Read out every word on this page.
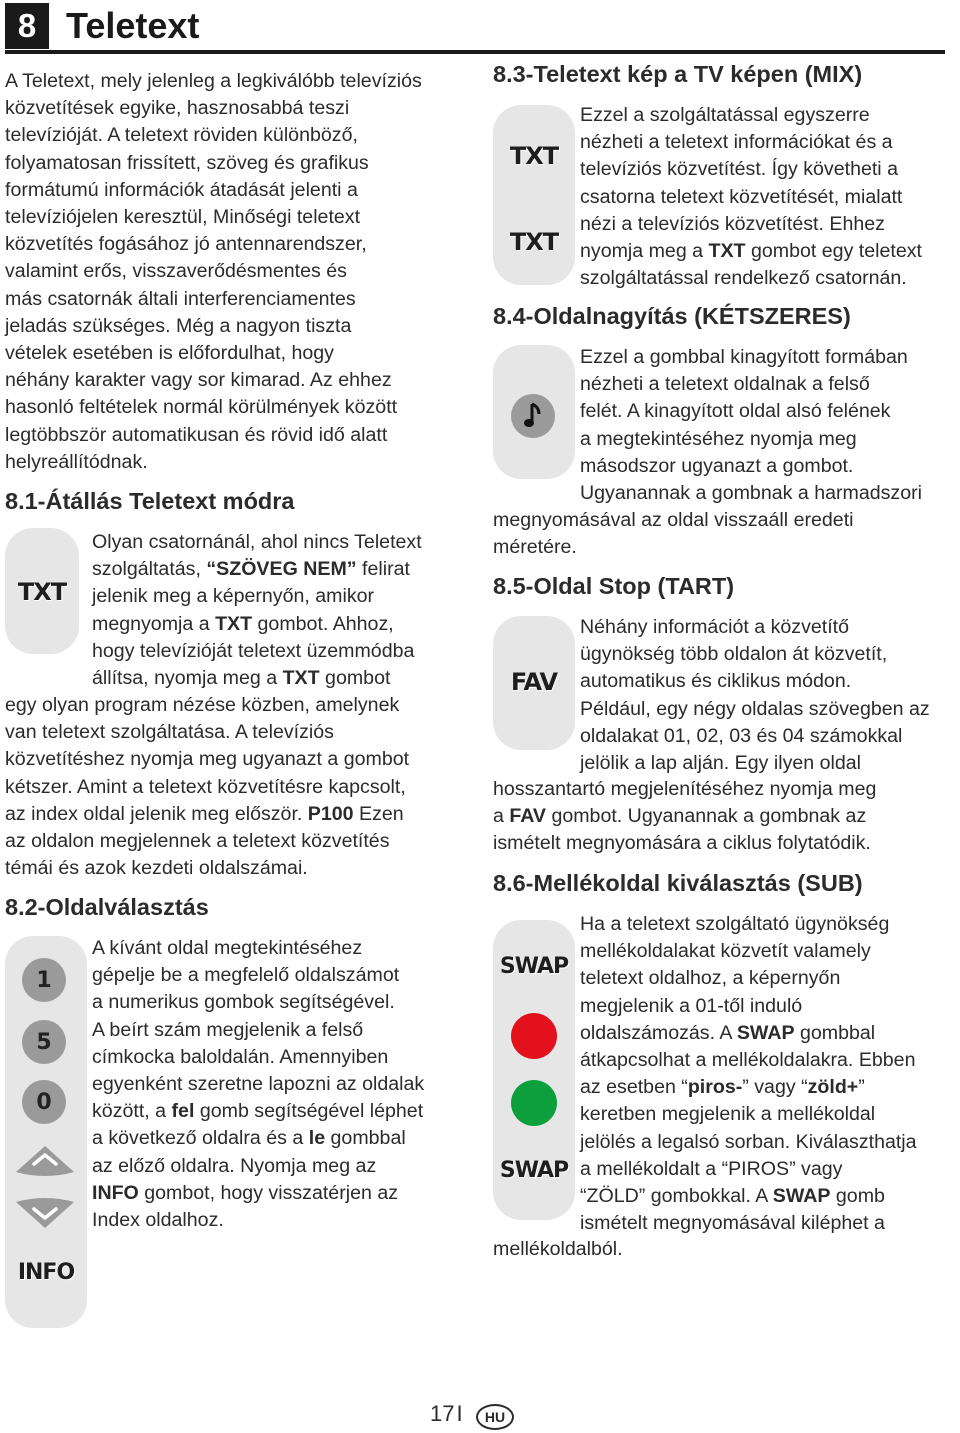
8 Teletext
A Teletext, mely jelenleg a legkiválóbb televíziós
közvetítések egyike, hasznosabbá teszi
televízióját. A teletext röviden különböző,
folyamatosan frissített, szöveg és grafikus
formátumú információk átadását jelenti a
televíziójelen keresztül, Minőségi teletext
közvetítés fogásához jó antennarendszer,
valamint erős, visszaverődésmentes és
más csatornák általi interferenciamentes
jeladás szükséges. Még a nagyon tiszta
vételek esetében is előfordulhat, hogy
néhány karakter vagy sor kimarad. Az ehhez
hasonló feltételek normál körülmények között
legtöbbször automatikusan és rövid idő alatt
helyreállítódnak.
8.1-Átállás Teletext módra
TXT
Olyan csatornánál, ahol nincs Teletext
szolgáltatás, “SZÖVEG NEM” felirat
jelenik meg a képernyőn, amikor
megnyomja a TXT gombot. Ahhoz,
hogy televízióját teletext üzemmódba
állítsa, nyomja meg a TXT gombot
egy olyan program nézése közben, amelynek
van teletext szolgáltatása. A televíziós
közvetítéshez nyomja meg ugyanazt a gombot
kétszer. Amint a teletext közvetítésre kapcsolt,
az index oldal jelenik meg először. P100 Ezen
az oldalon megjelennek a teletext közvetítés
témái és azok kezdeti oldalszámai.
8.2-Oldalválasztás
1
5
0
INFO
A kívánt oldal megtekintéséhez
gépelje be a megfelelő oldalszámot
a numerikus gombok segítségével.
A beírt szám megjelenik a felső
címkocka baloldalán. Amennyiben
egyenként szeretne lapozni az oldalak
között, a fel gomb segítségével léphet
a következő oldalra és a le gombbal
az előző oldalra. Nyomja meg az
INFO gombot, hogy visszatérjen az
Index oldalhoz.
8.3-Teletext kép a TV képen (MIX)
TXT
TXT
Ezzel a szolgáltatással egyszerre
nézheti a teletext információkat és a
televíziós közvetítést. Így követheti a
csatorna teletext közvetítését, mialatt
nézi a televíziós közvetítést. Ehhez
nyomja meg a TXT gombot egy teletext
szolgáltatással rendelkező csatornán.
8.4-Oldalnagyítás (KÉTSZERES)
Ezzel a gombbal kinagyított formában
nézheti a teletext oldalnak a felső
felét. A kinagyított oldal alsó felének
a megtekintéséhez nyomja meg
másodszor ugyanazt a gombot.
Ugyanannak a gombnak a harmadszori
megnyomásával az oldal visszaáll eredeti
méretére.
8.5-Oldal Stop (TART)
FAV
Néhány információt a közvetítő
ügynökség több oldalon át közvetít,
automatikus és ciklikus módon.
Például, egy négy oldalas szövegben az
oldalakat 01, 02, 03 és 04 számokkal
jelölik a lap alján. Egy ilyen oldal
hosszantartó megjelenítéséhez nyomja meg
a FAV gombot. Ugyanannak a gombnak az
ismételt megnyomására a ciklus folytatódik.
8.6-Mellékoldal kiválasztás (SUB)
SWAP
SWAP
Ha a teletext szolgáltató ügynökség
mellékoldalakat közvetít valamely
teletext oldalhoz, a képernyőn
megjelenik a 01-től induló
oldalszámozás. A SWAP gombbal
átkapcsolhat a mellékoldalakra. Ebben
az esetben “piros-” vagy “zöld+”
keretben megjelenik a mellékoldal
jelölés a legalsó sorban. Kiválaszthatja
a mellékoldalt a “PIROS” vagy
“ZÖLD” gombokkal. A SWAP gomb
ismételt megnyomásával kiléphet a
mellékoldalból.
17I	HU
